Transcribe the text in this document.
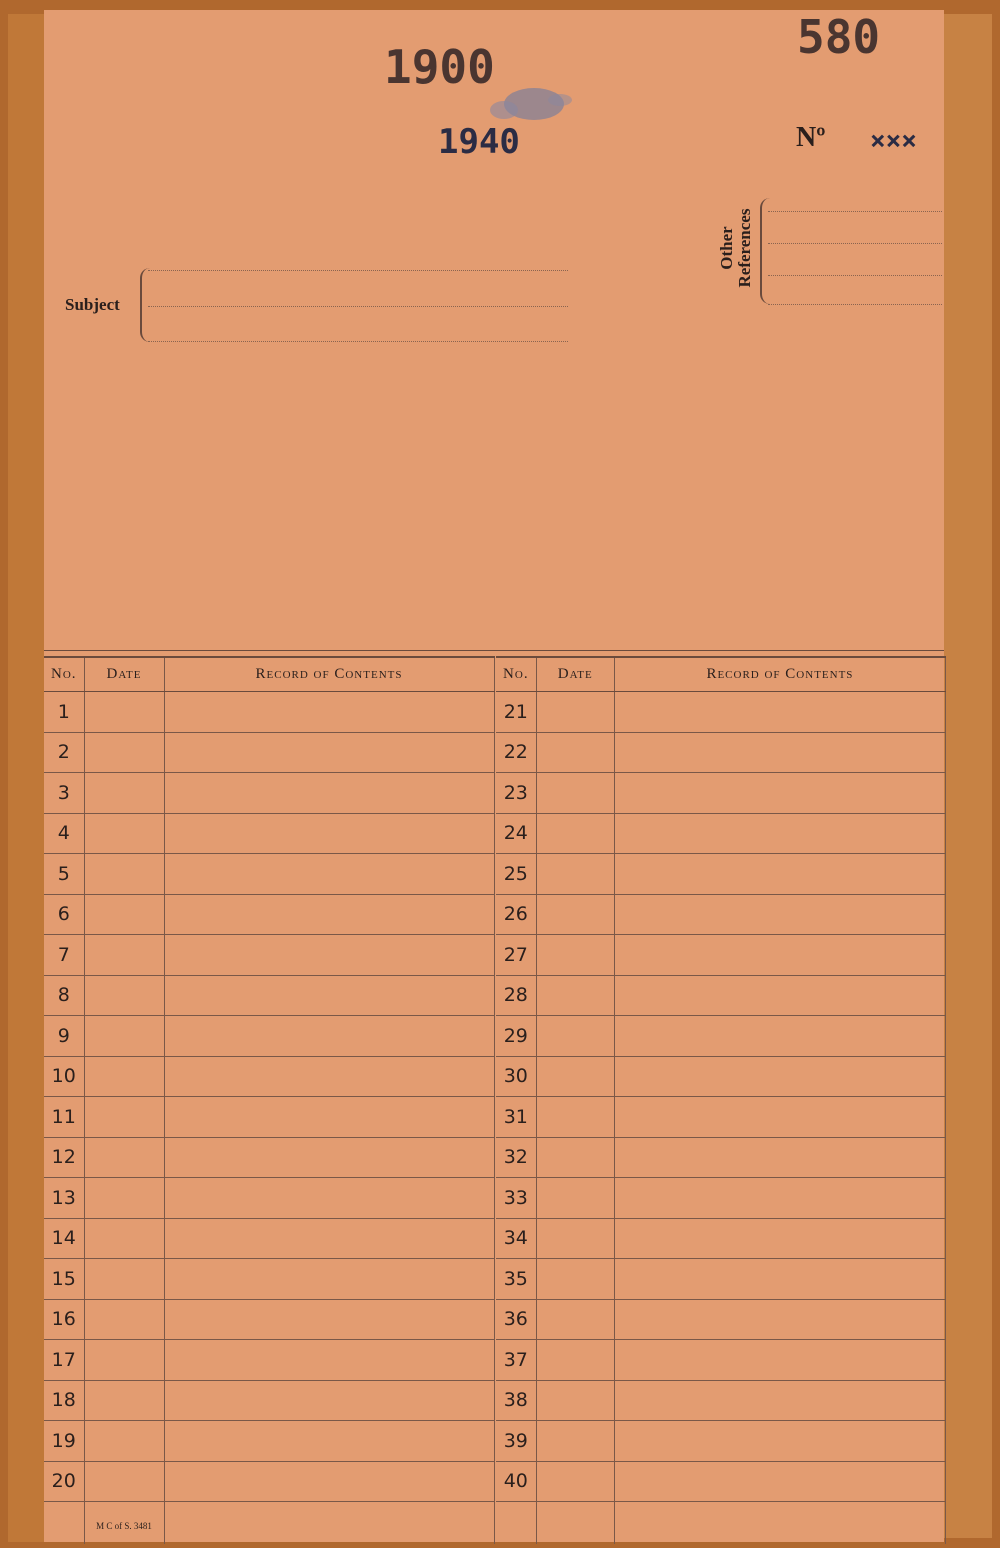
580
1900
1940	Nº ×××
Subject
Other References
No.	Date	Record of Contents
1		
2		
3		
4		
5		
6		
7		
8		
9		
10		
11		
12		
13		
14		
15		
16		
17		
18		
19		
20		
	M C of S. 3481	
No.	Date	Record of Contents
21		
22		
23		
24		
25		
26		
27		
28		
29		
30		
31		
32		
33		
34		
35		
36		
37		
38		
39		
40		
